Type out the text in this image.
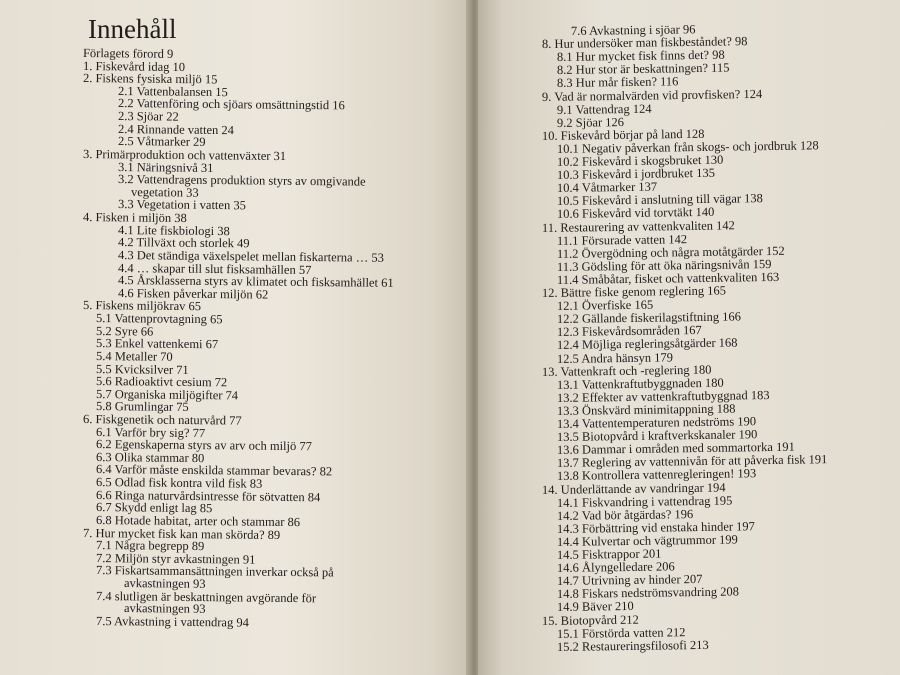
Innehåll
Förlagets förord 9
1. Fiskevård idag 10
2. Fiskens fysiska miljö 15
2.1 Vattenbalansen 15
2.2 Vattenföring och sjöars omsättningstid 16
2.3 Sjöar 22
2.4 Rinnande vatten 24
2.5 Våtmarker 29
3. Primärproduktion och vattenväxter 31
3.1 Näringsnivå 31
3.2 Vattendragens produktion styrs av omgivande
vegetation 33
3.3 Vegetation i vatten 35
4. Fisken i miljön 38
4.1 Lite fiskbiologi 38
4.2 Tillväxt och storlek 49
4.3 Det ständiga växelspelet mellan fiskarterna … 53
4.4 … skapar till slut fisksamhällen 57
4.5 Årsklasserna styrs av klimatet och fisksamhället 61
4.6 Fisken påverkar miljön 62
5. Fiskens miljökrav 65
5.1 Vattenprovtagning 65
5.2 Syre 66
5.3 Enkel vattenkemi 67
5.4 Metaller 70
5.5 Kvicksilver 71
5.6 Radioaktivt cesium 72
5.7 Organiska miljögifter 74
5.8 Grumlingar 75
6. Fiskgenetik och naturvård 77
6.1 Varför bry sig? 77
6.2 Egenskaperna styrs av arv och miljö 77
6.3 Olika stammar 80
6.4 Varför måste enskilda stammar bevaras? 82
6.5 Odlad fisk kontra vild fisk 83
6.6 Ringa naturvårdsintresse för sötvatten 84
6.7 Skydd enligt lag 85
6.8 Hotade habitat, arter och stammar 86
7. Hur mycket fisk kan man skörda? 89
7.1 Några begrepp 89
7.2 Miljön styr avkastningen 91
7.3 Fiskartsammansättningen inverkar också på
avkastningen 93
7.4 slutligen är beskattningen avgörande för
avkastningen 93
7.5 Avkastning i vattendrag 94
7.6 Avkastning i sjöar 96
8. Hur undersöker man fiskbeståndet? 98
8.1 Hur mycket fisk finns det? 98
8.2 Hur stor är beskattningen? 115
8.3 Hur mår fisken? 116
9. Vad är normalvärden vid provfisken? 124
9.1 Vattendrag 124
9.2 Sjöar 126
10. Fiskevård börjar på land 128
10.1 Negativ påverkan från skogs- och jordbruk 128
10.2 Fiskevård i skogsbruket 130
10.3 Fiskevård i jordbruket 135
10.4 Våtmarker 137
10.5 Fiskevård i anslutning till vägar 138
10.6 Fiskevård vid torvtäkt 140
11. Restaurering av vattenkvaliten 142
11.1 Försurade vatten 142
11.2 Övergödning och några motåtgärder 152
11.3 Gödsling för att öka näringsnivån 159
11.4 Småbåtar, fisket och vattenkvaliten 163
12. Bättre fiske genom reglering 165
12.1 Överfiske 165
12.2 Gällande fiskerilagstiftning 166
12.3 Fiskevårdsområden 167
12.4 Möjliga regleringsåtgärder 168
12.5 Andra hänsyn 179
13. Vattenkraft och -reglering 180
13.1 Vattenkraftutbyggnaden 180
13.2 Effekter av vattenkraftutbyggnad 183
13.3 Önskvärd minimitappning 188
13.4 Vattentemperaturen nedströms 190
13.5 Biotopvård i kraftverkskanaler 190
13.6 Dammar i områden med sommartorka 191
13.7 Reglering av vattennivån för att påverka fisk 191
13.8 Kontrollera vattenregleringen! 193
14. Underlättande av vandringar 194
14.1 Fiskvandring i vattendrag 195
14.2 Vad bör åtgärdas? 196
14.3 Förbättring vid enstaka hinder 197
14.4 Kulvertar och vägtrummor 199
14.5 Fisktrappor 201
14.6 Ålyngelledare 206
14.7 Utrivning av hinder 207
14.8 Fiskars nedströmsvandring 208
14.9 Bäver 210
15. Biotopvård 212
15.1 Förstörda vatten 212
15.2 Restaureringsfilosofi 213
